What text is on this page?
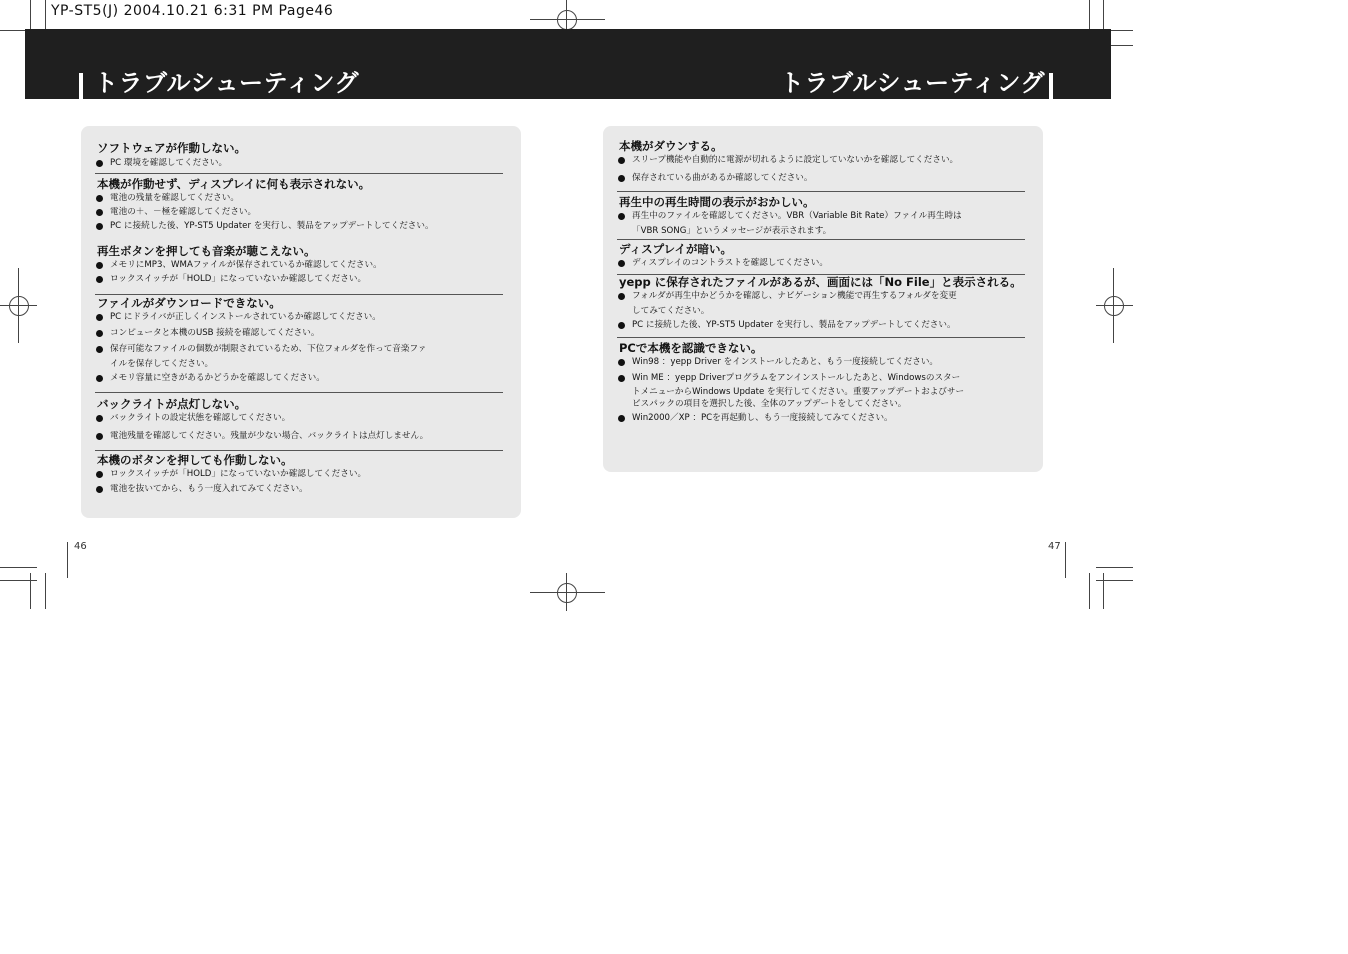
YP-ST5(J) 2004.10.21 6:31 PM Page46
トラブルシューティング	トラブルシューティング
ソフトウェアが作動しない。
PC 環境を確認してください。
本機が作動せず、ディスプレイに何も表示されない。
電池の残量を確認してください。
電池の＋、－極を確認してください。
PC に接続した後、YP-ST5 Updater を実行し、製品をアップデートしてください。
再生ボタンを押しても音楽が聴こえない。
メモリにMP3、WMAファイルが保存されているか確認してください。
ロックスイッチが「HOLD」になっていないか確認してください。
ファイルがダウンロードできない。
PC にドライバが正しくインストールされているか確認してください。
コンピュータと本機のUSB 接続を確認してください。
保存可能なファイルの個数が制限されているため、下位フォルダを作って音楽ファ
イルを保存してください。
メモリ容量に空きがあるかどうかを確認してください。
バックライトが点灯しない。
バックライトの設定状態を確認してください。
電池残量を確認してください。残量が少ない場合、バックライトは点灯しません。
本機のボタンを押しても作動しない。
ロックスイッチが「HOLD」になっていないか確認してください。
電池を抜いてから、もう一度入れてみてください。
本機がダウンする。
スリープ機能や自動的に電源が切れるように設定していないかを確認してください。
保存されている曲があるか確認してください。
再生中の再生時間の表示がおかしい。
再生中のファイルを確認してください。VBR（Variable Bit Rate）ファイル再生時は
「VBR SONG」というメッセージが表示されます。
ディスプレイが暗い。
ディスプレイのコントラストを確認してください。
yepp に保存されたファイルがあるが、画面には「No File」と表示される。
フォルダが再生中かどうかを確認し、ナビゲーション機能で再生するフォルダを変更
してみてください。
PC に接続した後、YP-ST5 Updater を実行し、製品をアップデートしてください。
PCで本機を認識できない。
Win98 ：yepp Driver をインストールしたあと、もう一度接続してください。
Win ME ：yepp Driverプログラムをアンインストールしたあと、Windowsのスター
トメニューからWindows Update を実行してください。重要アップデートおよびサー
ビスパックの項目を選択した後、全体のアップデートをしてください。
Win2000／XP ：PCを再起動し、もう一度接続してみてください。
46	47
